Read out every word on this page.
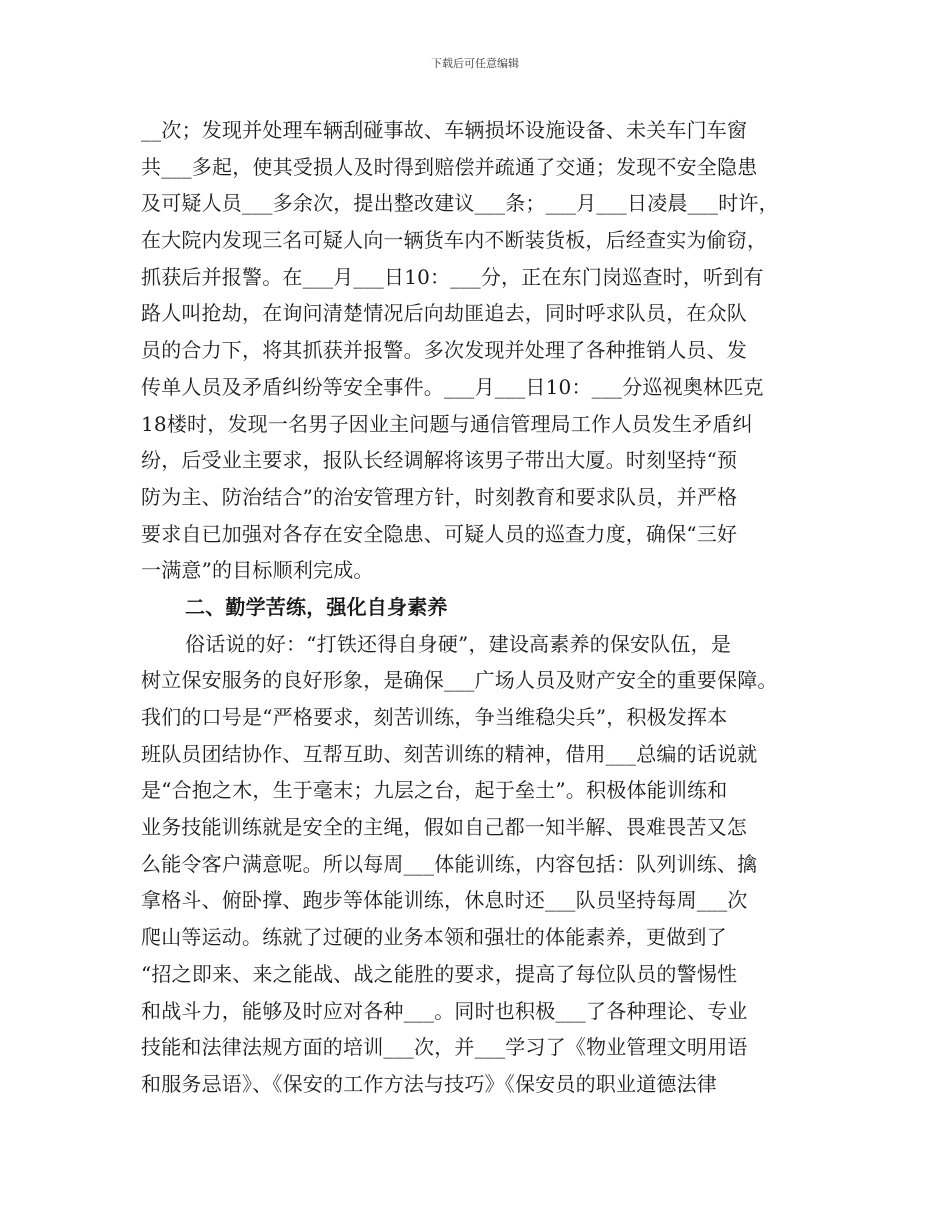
下载后可任意编辑
__次；发现并处理车辆刮碰事故、车辆损坏设施设备、未关车门车窗
共___多起，使其受损人及时得到赔偿并疏通了交通；发现不安全隐患
及可疑人员___多余次，提出整改建议___条；___月___日凌晨___时许，
在大院内发现三名可疑人向一辆货车内不断装货板，后经查实为偷窃，
抓获后并报警。在___月___日10：___分，正在东门岗巡查时，听到有
路人叫抢劫，在询问清楚情况后向劫匪追去，同时呼求队员，在众队
员的合力下，将其抓获并报警。多次发现并处理了各种推销人员、发
传单人员及矛盾纠纷等安全事件。___月___日10：___分巡视奥林匹克
18楼时，发现一名男子因业主问题与通信管理局工作人员发生矛盾纠
纷，后受业主要求，报队长经调解将该男子带出大厦。时刻坚持“预
防为主、防治结合”的治安管理方针，时刻教育和要求队员，并严格
要求自已加强对各存在安全隐患、可疑人员的巡查力度，确保“三好
一满意”的目标顺利完成。
二、勤学苦练，强化自身素养
俗话说的好：“打铁还得自身硬”，建设高素养的保安队伍，是
树立保安服务的良好形象，是确保___广场人员及财产安全的重要保障。
我们的口号是“严格要求，刻苦训练，争当维稳尖兵”，积极发挥本
班队员团结协作、互帮互助、刻苦训练的精神，借用___总编的话说就
是“合抱之木，生于毫末；九层之台，起于垒土”。积极体能训练和
业务技能训练就是安全的主绳，假如自己都一知半解、畏难畏苦又怎
么能令客户满意呢。所以每周___体能训练，内容包括：队列训练、擒
拿格斗、俯卧撑、跑步等体能训练，休息时还___队员坚持每周___次
爬山等运动。练就了过硬的业务本领和强壮的体能素养，更做到了
“招之即来、来之能战、战之能胜的要求，提高了每位队员的警惕性
和战斗力，能够及时应对各种___。同时也积极___了各种理论、专业
技能和法律法规方面的培训___次，并___学习了《物业管理文明用语
和服务忌语》、《保安的工作方法与技巧》《保安员的职业道德法律
